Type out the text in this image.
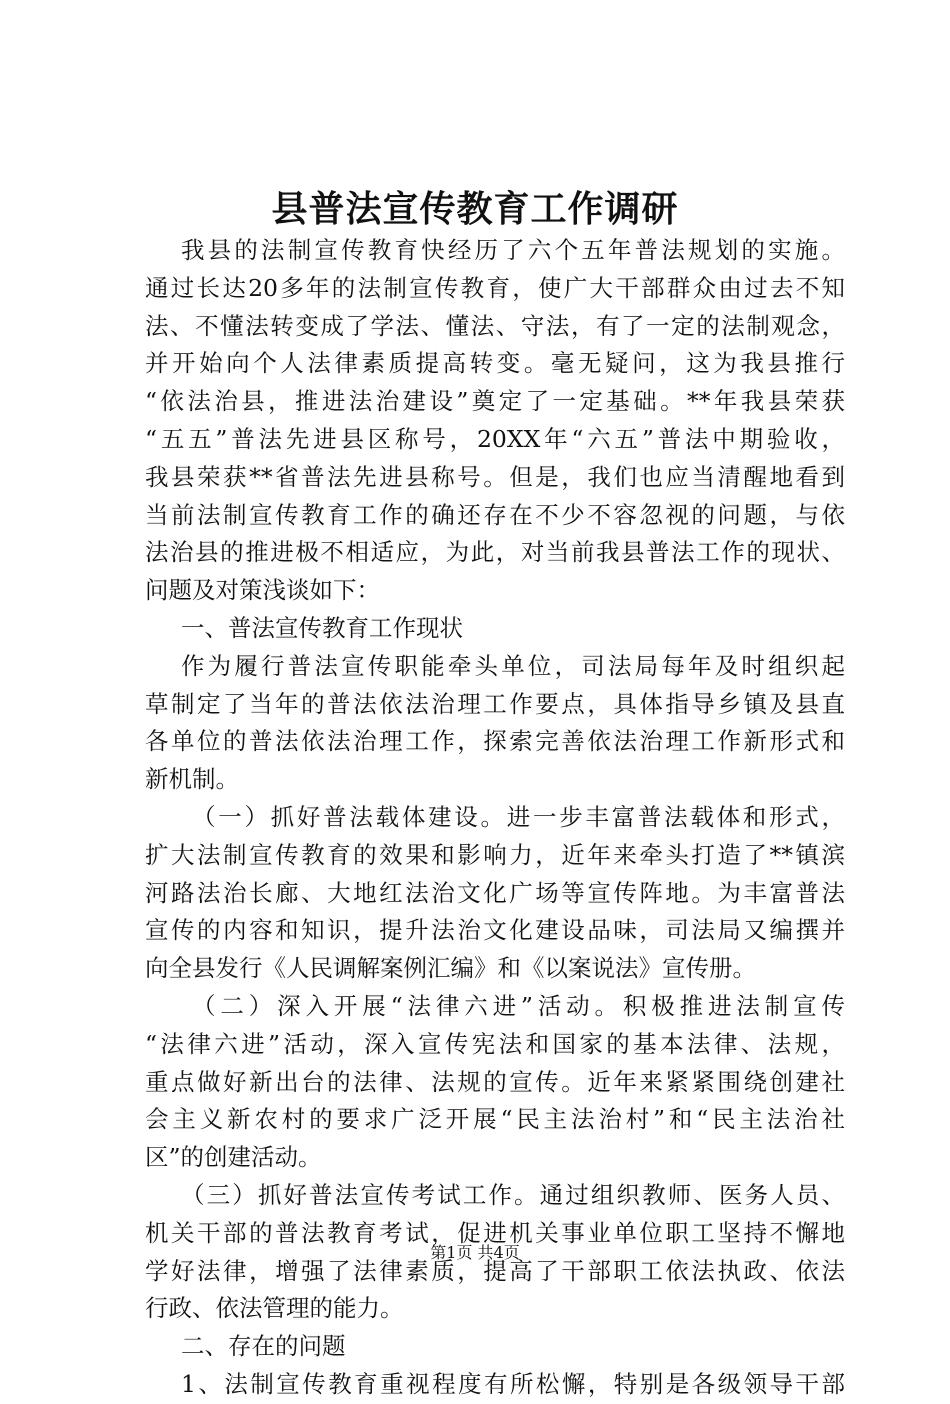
县普法宣传教育工作调研
我县的法制宣传教育快经历了六个五年普法规划的实施。
通过长达20多年的法制宣传教育，使广大干部群众由过去不知
法、不懂法转变成了学法、懂法、守法，有了一定的法制观念，
并开始向个人法律素质提高转变。毫无疑问，这为我县推行
“依法治县，推进法治建设”奠定了一定基础。**年我县荣获
“五五”普法先进县区称号，20XX年“六五”普法中期验收，
我县荣获**省普法先进县称号。但是，我们也应当清醒地看到
当前法制宣传教育工作的确还存在不少不容忽视的问题，与依
法治县的推进极不相适应，为此，对当前我县普法工作的现状、
问题及对策浅谈如下：
一、普法宣传教育工作现状
作为履行普法宣传职能牵头单位，司法局每年及时组织起
草制定了当年的普法依法治理工作要点，具体指导乡镇及县直
各单位的普法依法治理工作，探索完善依法治理工作新形式和
新机制。
（一）抓好普法载体建设。进一步丰富普法载体和形式，
扩大法制宣传教育的效果和影响力，近年来牵头打造了**镇滨
河路法治长廊、大地红法治文化广场等宣传阵地。为丰富普法
宣传的内容和知识，提升法治文化建设品味，司法局又编撰并
向全县发行《人民调解案例汇编》和《以案说法》宣传册。
（二）深入开展“法律六进”活动。积极推进法制宣传
“法律六进”活动，深入宣传宪法和国家的基本法律、法规，
重点做好新出台的法律、法规的宣传。近年来紧紧围绕创建社
会主义新农村的要求广泛开展“民主法治村”和“民主法治社
区”的创建活动。
（三）抓好普法宣传考试工作。通过组织教师、医务人员、
机关干部的普法教育考试，促进机关事业单位职工坚持不懈地
学好法律，增强了法律素质，提高了干部职工依法执政、依法
行政、依法管理的能力。
二、存在的问题
1、法制宣传教育重视程度有所松懈，特别是各级领导干部
第1页 共4页
